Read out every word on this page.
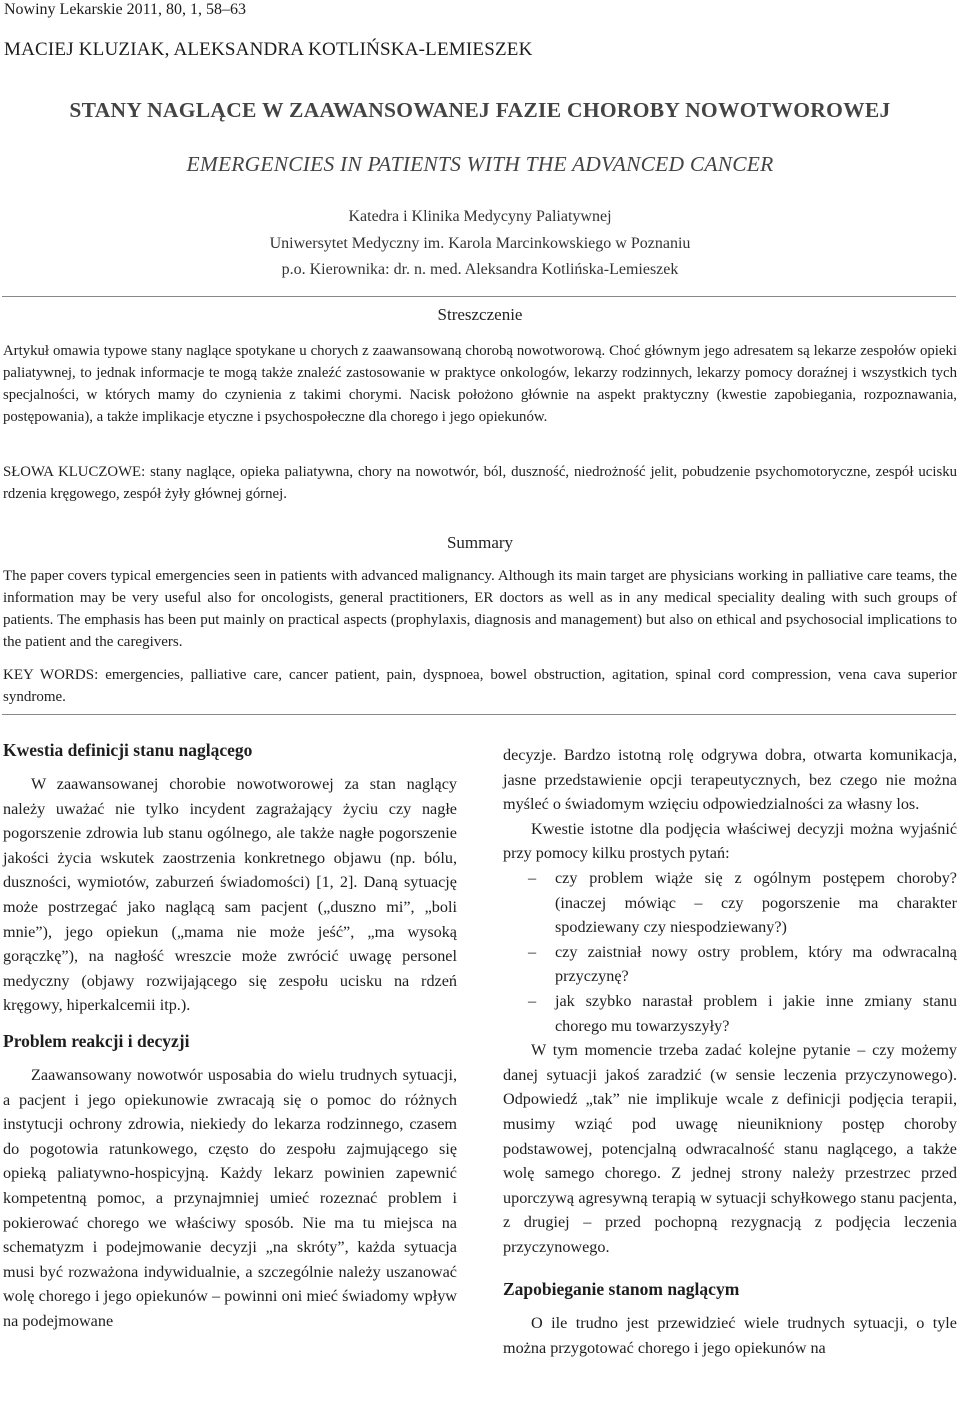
Nowiny Lekarskie 2011, 80, 1, 58–63
MACIEJ KLUZIAK, ALEKSANDRA KOTLIŃSKA-LEMIESZEK
STANY NAGLĄCE W ZAAWANSOWANEJ FAZIE CHOROBY NOWOTWOROWEJ
EMERGENCIES IN PATIENTS WITH THE ADVANCED CANCER
Katedra i Klinika Medycyny Paliatywnej
Uniwersytet Medyczny im. Karola Marcinkowskiego w Poznaniu
p.o. Kierownika: dr. n. med. Aleksandra Kotlińska-Lemieszek
Streszczenie
Artykuł omawia typowe stany naglące spotykane u chorych z zaawansowaną chorobą nowotworową. Choć głównym jego adresatem są lekarze zespołów opieki paliatywnej, to jednak informacje te mogą także znaleźć zastosowanie w praktyce onkologów, lekarzy rodzinnych, lekarzy pomocy doraźnej i wszystkich tych specjalności, w których mamy do czynienia z takimi chorymi. Nacisk położono głównie na aspekt praktyczny (kwestie zapobiegania, rozpoznawania, postępowania), a także implikacje etyczne i psychospołeczne dla chorego i jego opiekunów.
SŁOWA KLUCZOWE: stany naglące, opieka paliatywna, chory na nowotwór, ból, duszność, niedrożność jelit, pobudzenie psychomotoryczne, zespół ucisku rdzenia kręgowego, zespół żyły głównej górnej.
Summary
The paper covers typical emergencies seen in patients with advanced malignancy. Although its main target are physicians working in palliative care teams, the information may be very useful also for oncologists, general practitioners, ER doctors as well as in any medical speciality dealing with such groups of patients. The emphasis has been put mainly on practical aspects (prophylaxis, diagnosis and management) but also on ethical and psychosocial implications to the patient and the caregivers.
KEY WORDS: emergencies, palliative care, cancer patient, pain, dyspnoea, bowel obstruction, agitation, spinal cord compression, vena cava superior syndrome.
Kwestia definicji stanu naglącego

W zaawansowanej chorobie nowotworowej za stan naglący należy uważać nie tylko incydent zagrażający życiu czy nagłe pogorszenie zdrowia lub stanu ogólnego, ale także nagłe pogorszenie jakości życia wskutek zaostrzenia konkretnego objawu (np. bólu, duszności, wymiotów, zaburzeń świadomości) [1, 2]. Daną sytuację może postrzegać jako naglącą sam pacjent („duszno mi”, „boli mnie”), jego opiekun („mama nie może jeść”, „ma wysoką gorączkę”), na nagłość wreszcie może zwrócić uwagę personel medyczny (objawy rozwijającego się zespołu ucisku na rdzeń kręgowy, hiperkalcemii itp.).

Problem reakcji i decyzji

Zaawansowany nowotwór usposabia do wielu trudnych sytuacji, a pacjent i jego opiekunowie zwracają się o pomoc do różnych instytucji ochrony zdrowia, niekiedy do lekarza rodzinnego, czasem do pogotowia ratunkowego, często do zespołu zajmującego się opieką paliatywno-hospicyjną. Każdy lekarz powinien zapewnić kompetentną pomoc, a przynajmniej umieć rozeznać problem i pokierować chorego we właściwy sposób. Nie ma tu miejsca na schematyzm i podejmowanie decyzji „na skróty”, każda sytuacja musi być rozważona indywidualnie, a szczególnie należy uszanować wolę chorego i jego opiekunów – powinni oni mieć świadomy wpływ na podejmowane

decyzje. Bardzo istotną rolę odgrywa dobra, otwarta komunikacja, jasne przedstawienie opcji terapeutycznych, bez czego nie można myśleć o świadomym wzięciu odpowiedzialności za własny los.

Kwestie istotne dla podjęcia właściwej decyzji można wyjaśnić przy pomocy kilku prostych pytań:

– czy problem wiąże się z ogólnym postępem choroby? (inaczej mówiąc – czy pogorszenie ma charakter spodziewany czy niespodziewany?)
– czy zaistniał nowy ostry problem, który ma odwracalną przyczynę?
– jak szybko narastał problem i jakie inne zmiany stanu chorego mu towarzyszyły?

W tym momencie trzeba zadać kolejne pytanie – czy możemy danej sytuacji jakoś zaradzić (w sensie leczenia przyczynowego). Odpowiedź „tak” nie implikuje wcale z definicji podjęcia terapii, musimy wziąć pod uwagę nieunikniony postęp choroby podstawowej, potencjalną odwracalność stanu naglącego, a także wolę samego chorego. Z jednej strony należy przestrzec przed uporczywą agresywną terapią w sytuacji schyłkowego stanu pacjenta, z drugiej – przed pochopną rezygnacją z podjęcia leczenia przyczynowego.

Zapobieganie stanom naglącym

O ile trudno jest przewidzieć wiele trudnych sytuacji, o tyle można przygotować chorego i jego opiekunów na
